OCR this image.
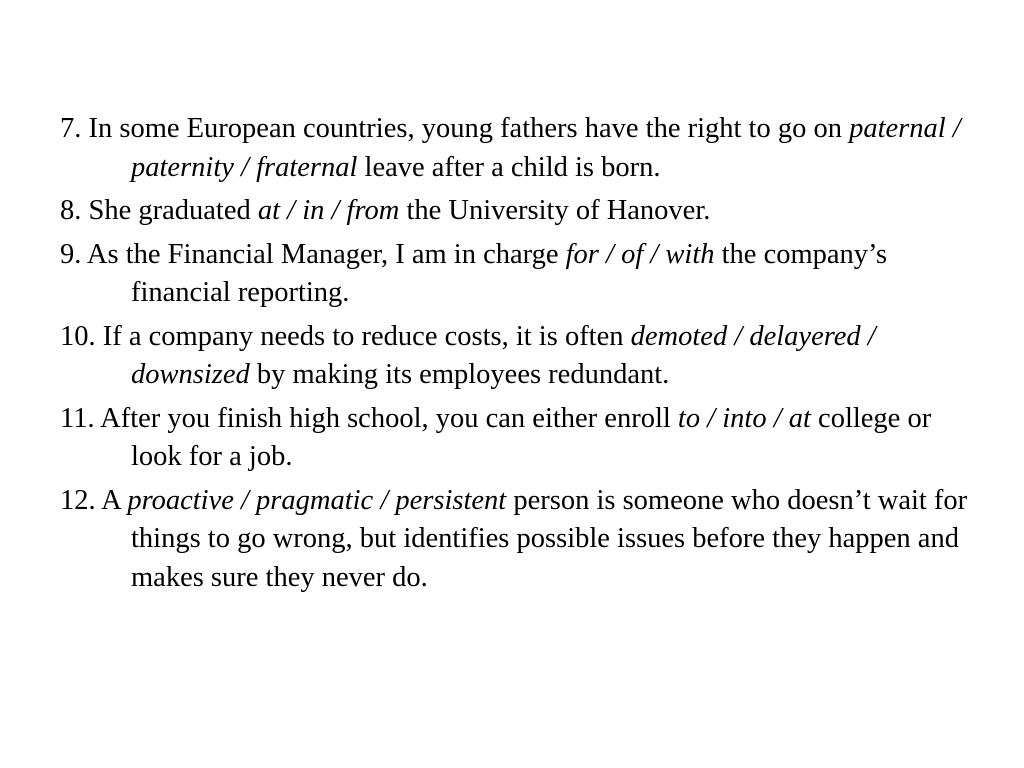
7. In some European countries, young fathers have the right to go on paternal / paternity / fraternal leave after a child is born.

8. She graduated at / in / from the University of Hanover.

9. As the Financial Manager, I am in charge for / of / with the company’s financial reporting.

10. If a company needs to reduce costs, it is often demoted / delayered / downsized by making its employees redundant.

11. After you finish high school, you can either enroll to / into / at college or look for a job.

12. A proactive / pragmatic / persistent person is someone who doesn’t wait for things to go wrong, but identifies possible issues before they happen and makes sure they never do.
